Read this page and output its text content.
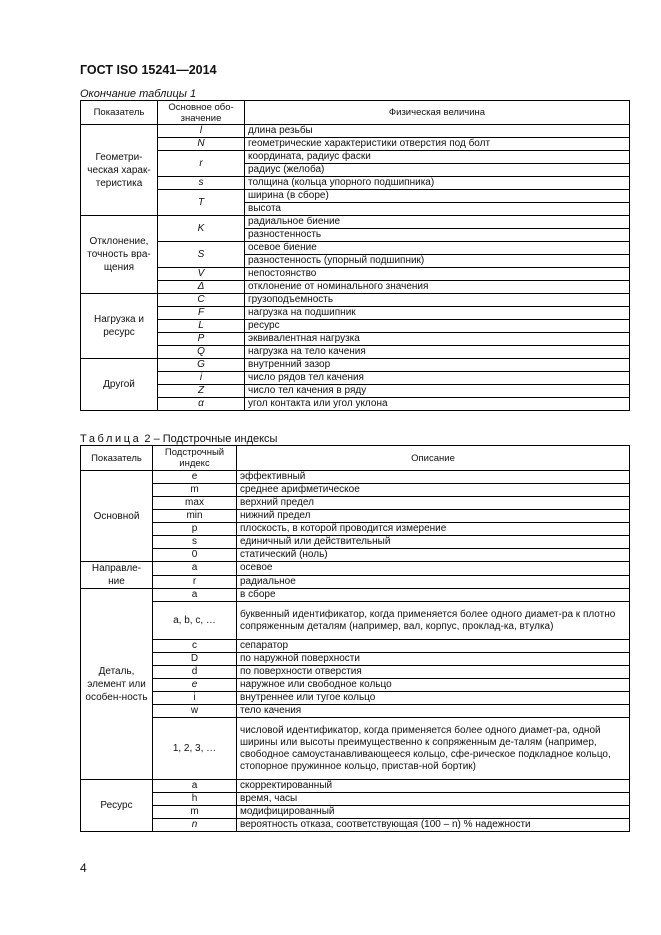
ГОСТ ISO 15241—2014
Окончание таблицы 1
Показатель	Основное обо-значение	Физическая величина
Геометри-ческая харак-теристика	l	длина резьбы
	N	геометрические характеристики отверстия под болт
	r	координата, радиус фаски
		радиус (желоба)
	s	толщина (кольца упорного подшипника)
	T	ширина (в сборе)
		высота
Отклонение, точность вра-щения	K	радиальное биение
		разностенность
	S	осевое биение
		разностенность (упорный подшипник)
	V	непостоянство
	Δ	отклонение от номинального значения
Нагрузка и ресурс	C	грузоподъемность
	F	нагрузка на подшипник
	L	ресурс
	P	эквивалентная нагрузка
	Q	нагрузка на тело качения
Другой	G	внутренний зазор
	i	число рядов тел качения
	Z	число тел качения в ряду
	α	угол контакта или угол уклона
Таблица 2 – Подстрочные индексы
Показатель	Подстрочный индекс	Описание
Основной	e	эффективный
	m	среднее арифметическое
	max	верхний предел
	min	нижний предел
	p	плоскость, в которой проводится измерение
	s	единичный или действительный
	0	статический (ноль)
Направле-ние	a	осевое
	r	радиальное
Деталь, элемент или особен-ность	a	в сборе
	a, b, c, …	буквенный идентификатор, когда применяется более одного диамет-ра к плотно сопряженным деталям (например, вал, корпус, проклад-ка, втулка)
	c	сепаратор
	D	по наружной поверхности
	d	по поверхности отверстия
	e	наружное или свободное кольцо
	i	внутреннее или тугое кольцо
	w	тело качения
	1, 2, 3, …	числовой идентификатор, когда применяется более одного диамет-ра, одной ширины или высоты преимущественно к сопряженным де-талям (например, свободное самоустанавливающееся кольцо, сфе-рическое подкладное кольцо, стопорное пружинное кольцо, пристав-ной бортик)
Ресурс	a	скорректированный
	h	время, часы
	m	модифицированный
	n	вероятность отказа, соответствующая (100 – n) % надежности
4
